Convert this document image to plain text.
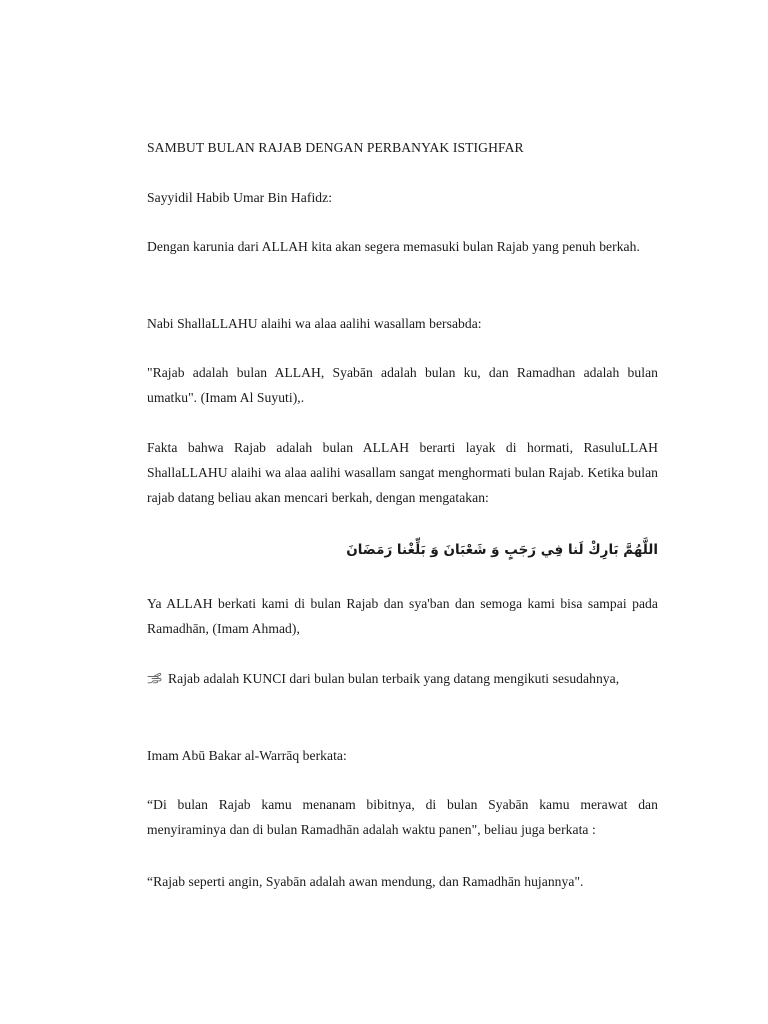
SAMBUT BULAN RAJAB DENGAN PERBANYAK ISTIGHFAR

Sayyidil Habib Umar Bin Hafidz:

Dengan karunia dari ALLAH kita akan segera memasuki bulan Rajab yang penuh berkah.

Nabi ShallaLLAHU alaihi wa alaa aalihi wasallam bersabda:

"Rajab adalah bulan ALLAH, Syabān adalah bulan ku, dan Ramadhan adalah bulan umatku". (Imam Al Suyuti),.

Fakta bahwa Rajab adalah bulan ALLAH berarti layak di hormati, RasuluLLAH ShallaLLAHU alaihi wa alaa aalihi wasallam sangat menghormati bulan Rajab. Ketika bulan rajab datang beliau akan mencari berkah, dengan mengatakan:

اللَّهُمَّ بَارِكْ لَنا فِي رَجَبٍ وَ شَعْبَانَ وَ بَلِّغْنا رَمَضَانَ

Ya ALLAH berkati kami di bulan Rajab dan sya'ban dan semoga kami bisa sampai pada Ramadhān, (Imam Ahmad),

Rajab adalah KUNCI dari bulan bulan terbaik yang datang mengikuti sesudahnya,

Imam Abū Bakar al-Warrāq berkata:

“Di bulan Rajab kamu menanam bibitnya, di bulan Syabān kamu merawat dan menyiraminya dan di bulan Ramadhān adalah waktu panen", beliau juga berkata :

“Rajab seperti angin, Syabān adalah awan mendung, dan Ramadhān hujannya".
